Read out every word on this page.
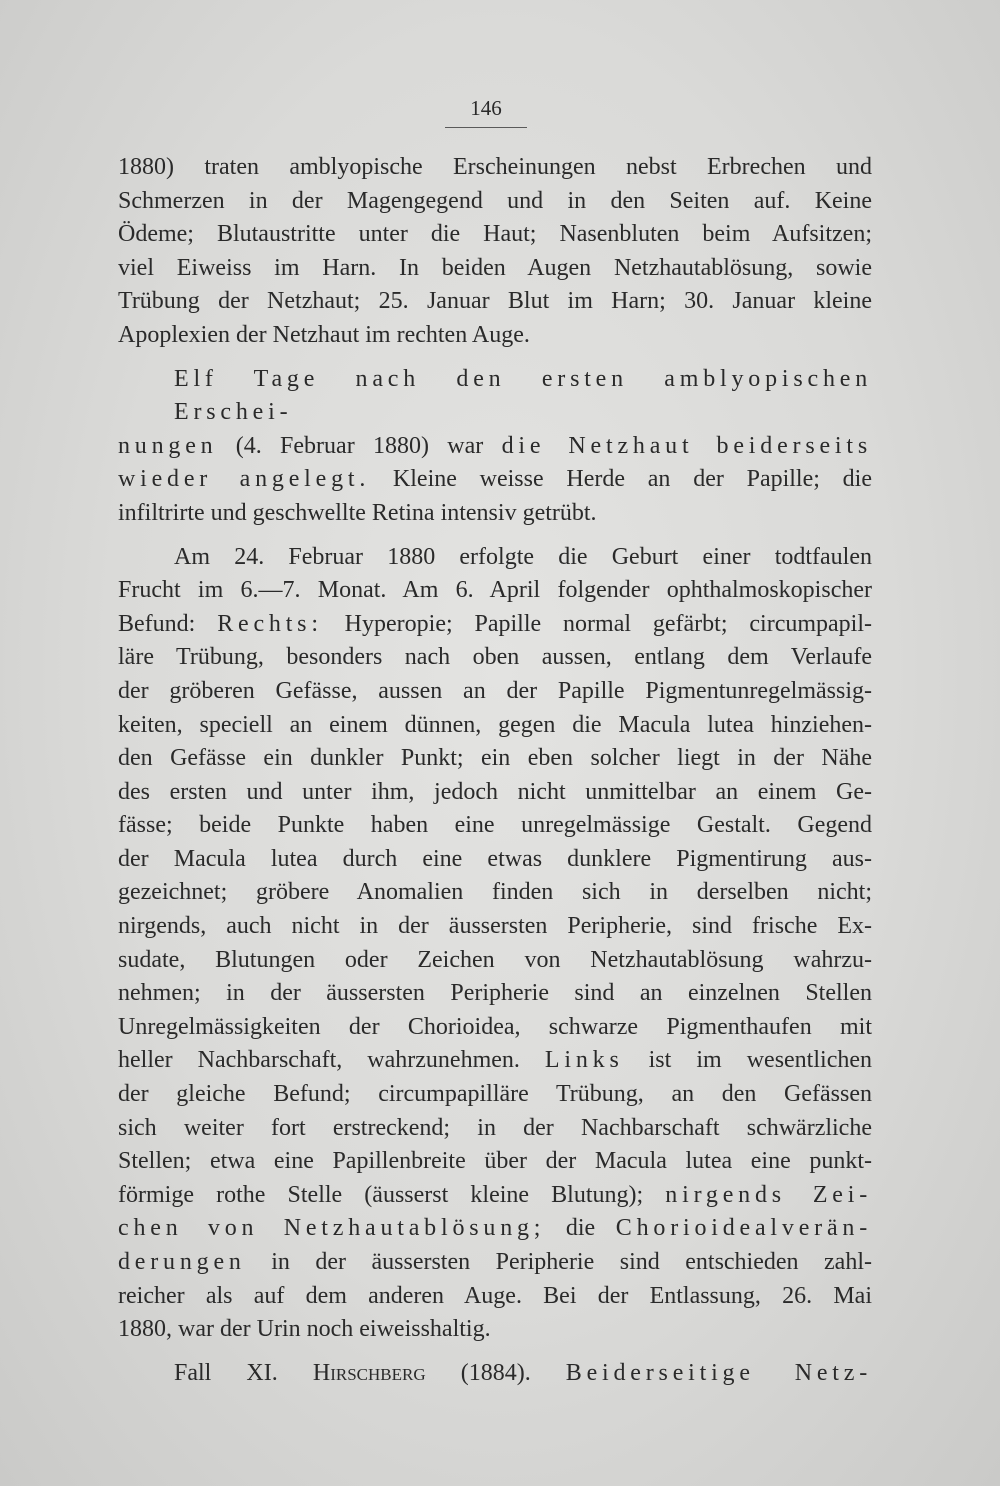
146
1880) traten amblyopische Erscheinungen nebst Erbrechen und
Schmerzen in der Magengegend und in den Seiten auf. Keine
Ödeme; Blutaustritte unter die Haut; Nasenbluten beim Aufsitzen;
viel Eiweiss im Harn. In beiden Augen Netzhautablösung, sowie
Trübung der Netzhaut; 25. Januar Blut im Harn; 30. Januar kleine
Apoplexien der Netzhaut im rechten Auge.
Elf Tage nach den ersten amblyopischen Erschei-
nungen (4. Februar 1880) war die Netzhaut beiderseits
wieder angelegt. Kleine weisse Herde an der Papille; die
infiltrirte und geschwellte Retina intensiv getrübt.
Am 24. Februar 1880 erfolgte die Geburt einer todtfaulen
Frucht im 6.—7. Monat. Am 6. April folgender ophthalmoskopischer
Befund: Rechts: Hyperopie; Papille normal gefärbt; circumpapil-
läre Trübung, besonders nach oben aussen, entlang dem Verlaufe
der gröberen Gefässe, aussen an der Papille Pigmentunregelmässig-
keiten, speciell an einem dünnen, gegen die Macula lutea hinziehen-
den Gefässe ein dunkler Punkt; ein eben solcher liegt in der Nähe
des ersten und unter ihm, jedoch nicht unmittelbar an einem Ge-
fässe; beide Punkte haben eine unregelmässige Gestalt. Gegend
der Macula lutea durch eine etwas dunklere Pigmentirung aus-
gezeichnet; gröbere Anomalien finden sich in derselben nicht;
nirgends, auch nicht in der äussersten Peripherie, sind frische Ex-
sudate, Blutungen oder Zeichen von Netzhautablösung wahrzu-
nehmen; in der äussersten Peripherie sind an einzelnen Stellen
Unregelmässigkeiten der Chorioidea, schwarze Pigmenthaufen mit
heller Nachbarschaft, wahrzunehmen. Links ist im wesentlichen
der gleiche Befund; circumpapilläre Trübung, an den Gefässen
sich weiter fort erstreckend; in der Nachbarschaft schwärzliche
Stellen; etwa eine Papillenbreite über der Macula lutea eine punkt-
förmige rothe Stelle (äusserst kleine Blutung); nirgends Zei-
chen von Netzhautablösung; die Chorioidealverän-
derungen in der äussersten Peripherie sind entschieden zahl-
reicher als auf dem anderen Auge. Bei der Entlassung, 26. Mai
1880, war der Urin noch eiweisshaltig.
Fall XI. Hirschberg (1884). Beiderseitige Netz-
